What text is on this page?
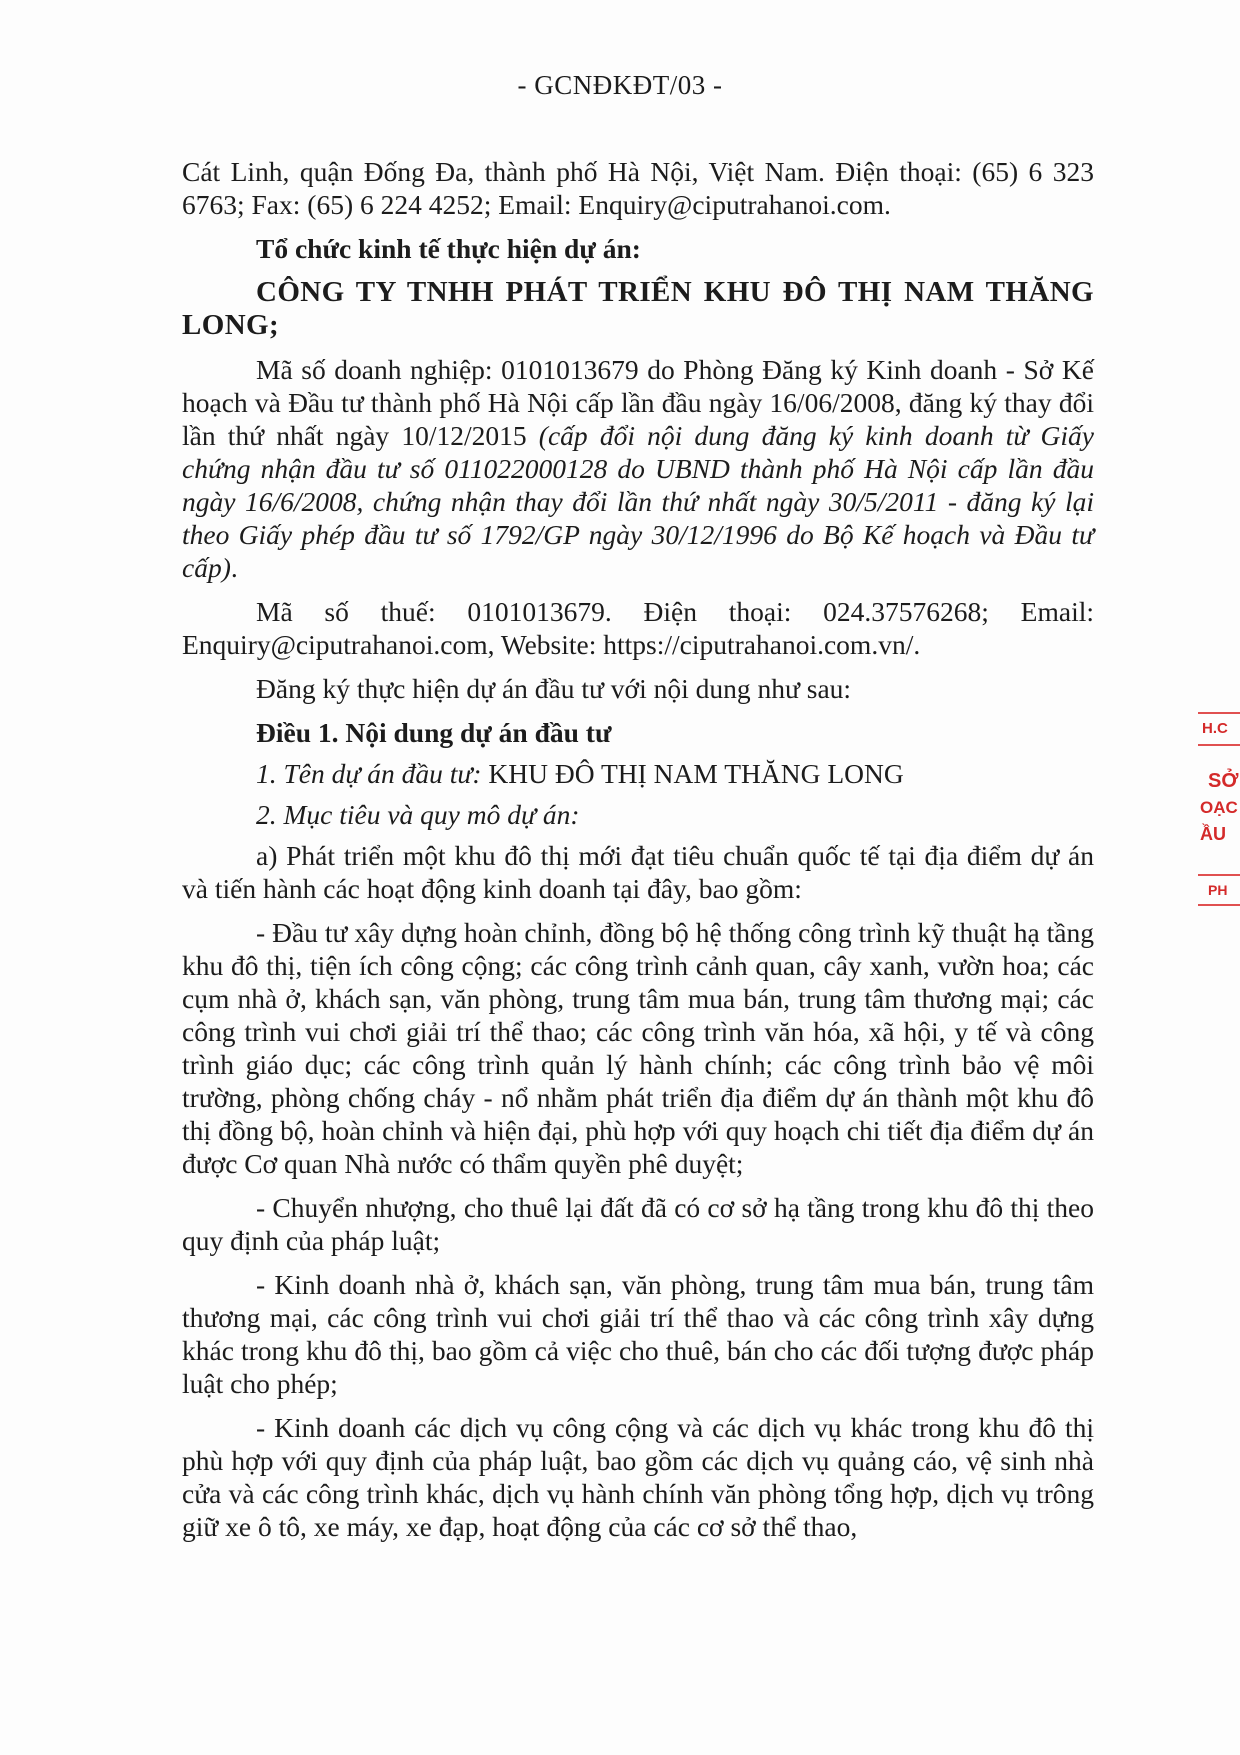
- GCNĐKĐT/03 -

Cát Linh, quận Đống Đa, thành phố Hà Nội, Việt Nam. Điện thoại: (65) 6 323 6763; Fax: (65) 6 224 4252; Email: Enquiry@ciputrahanoi.com.

Tổ chức kinh tế thực hiện dự án:

CÔNG TY TNHH PHÁT TRIỂN KHU ĐÔ THỊ NAM THĂNG LONG;

Mã số doanh nghiệp: 0101013679 do Phòng Đăng ký Kinh doanh - Sở Kế hoạch và Đầu tư thành phố Hà Nội cấp lần đầu ngày 16/06/2008, đăng ký thay đổi lần thứ nhất ngày 10/12/2015 (cấp đổi nội dung đăng ký kinh doanh từ Giấy chứng nhận đầu tư số 011022000128 do UBND thành phố Hà Nội cấp lần đầu ngày 16/6/2008, chứng nhận thay đổi lần thứ nhất ngày 30/5/2011 - đăng ký lại theo Giấy phép đầu tư số 1792/GP ngày 30/12/1996 do Bộ Kế hoạch và Đầu tư cấp).

Mã số thuế: 0101013679. Điện thoại: 024.37576268; Email: Enquiry@ciputrahanoi.com, Website: https://ciputrahanoi.com.vn/.

Đăng ký thực hiện dự án đầu tư với nội dung như sau:

Điều 1. Nội dung dự án đầu tư

1. Tên dự án đầu tư: KHU ĐÔ THỊ NAM THĂNG LONG

2. Mục tiêu và quy mô dự án:

a) Phát triển một khu đô thị mới đạt tiêu chuẩn quốc tế tại địa điểm dự án và tiến hành các hoạt động kinh doanh tại đây, bao gồm:

- Đầu tư xây dựng hoàn chỉnh, đồng bộ hệ thống công trình kỹ thuật hạ tầng khu đô thị, tiện ích công cộng; các công trình cảnh quan, cây xanh, vườn hoa; các cụm nhà ở, khách sạn, văn phòng, trung tâm mua bán, trung tâm thương mại; các công trình vui chơi giải trí thể thao; các công trình văn hóa, xã hội, y tế và công trình giáo dục; các công trình quản lý hành chính; các công trình bảo vệ môi trường, phòng chống cháy - nổ nhằm phát triển địa điểm dự án thành một khu đô thị đồng bộ, hoàn chỉnh và hiện đại, phù hợp với quy hoạch chi tiết địa điểm dự án được Cơ quan Nhà nước có thẩm quyền phê duyệt;

- Chuyển nhượng, cho thuê lại đất đã có cơ sở hạ tầng trong khu đô thị theo quy định của pháp luật;

- Kinh doanh nhà ở, khách sạn, văn phòng, trung tâm mua bán, trung tâm thương mại, các công trình vui chơi giải trí thể thao và các công trình xây dựng khác trong khu đô thị, bao gồm cả việc cho thuê, bán cho các đối tượng được pháp luật cho phép;

- Kinh doanh các dịch vụ công cộng và các dịch vụ khác trong khu đô thị phù hợp với quy định của pháp luật, bao gồm các dịch vụ quảng cáo, vệ sinh nhà cửa và các công trình khác, dịch vụ hành chính văn phòng tổng hợp, dịch vụ trông giữ xe ô tô, xe máy, xe đạp, hoạt động của các cơ sở thể thao,

H.C
SỞ
OẠC
ẦU
PH
